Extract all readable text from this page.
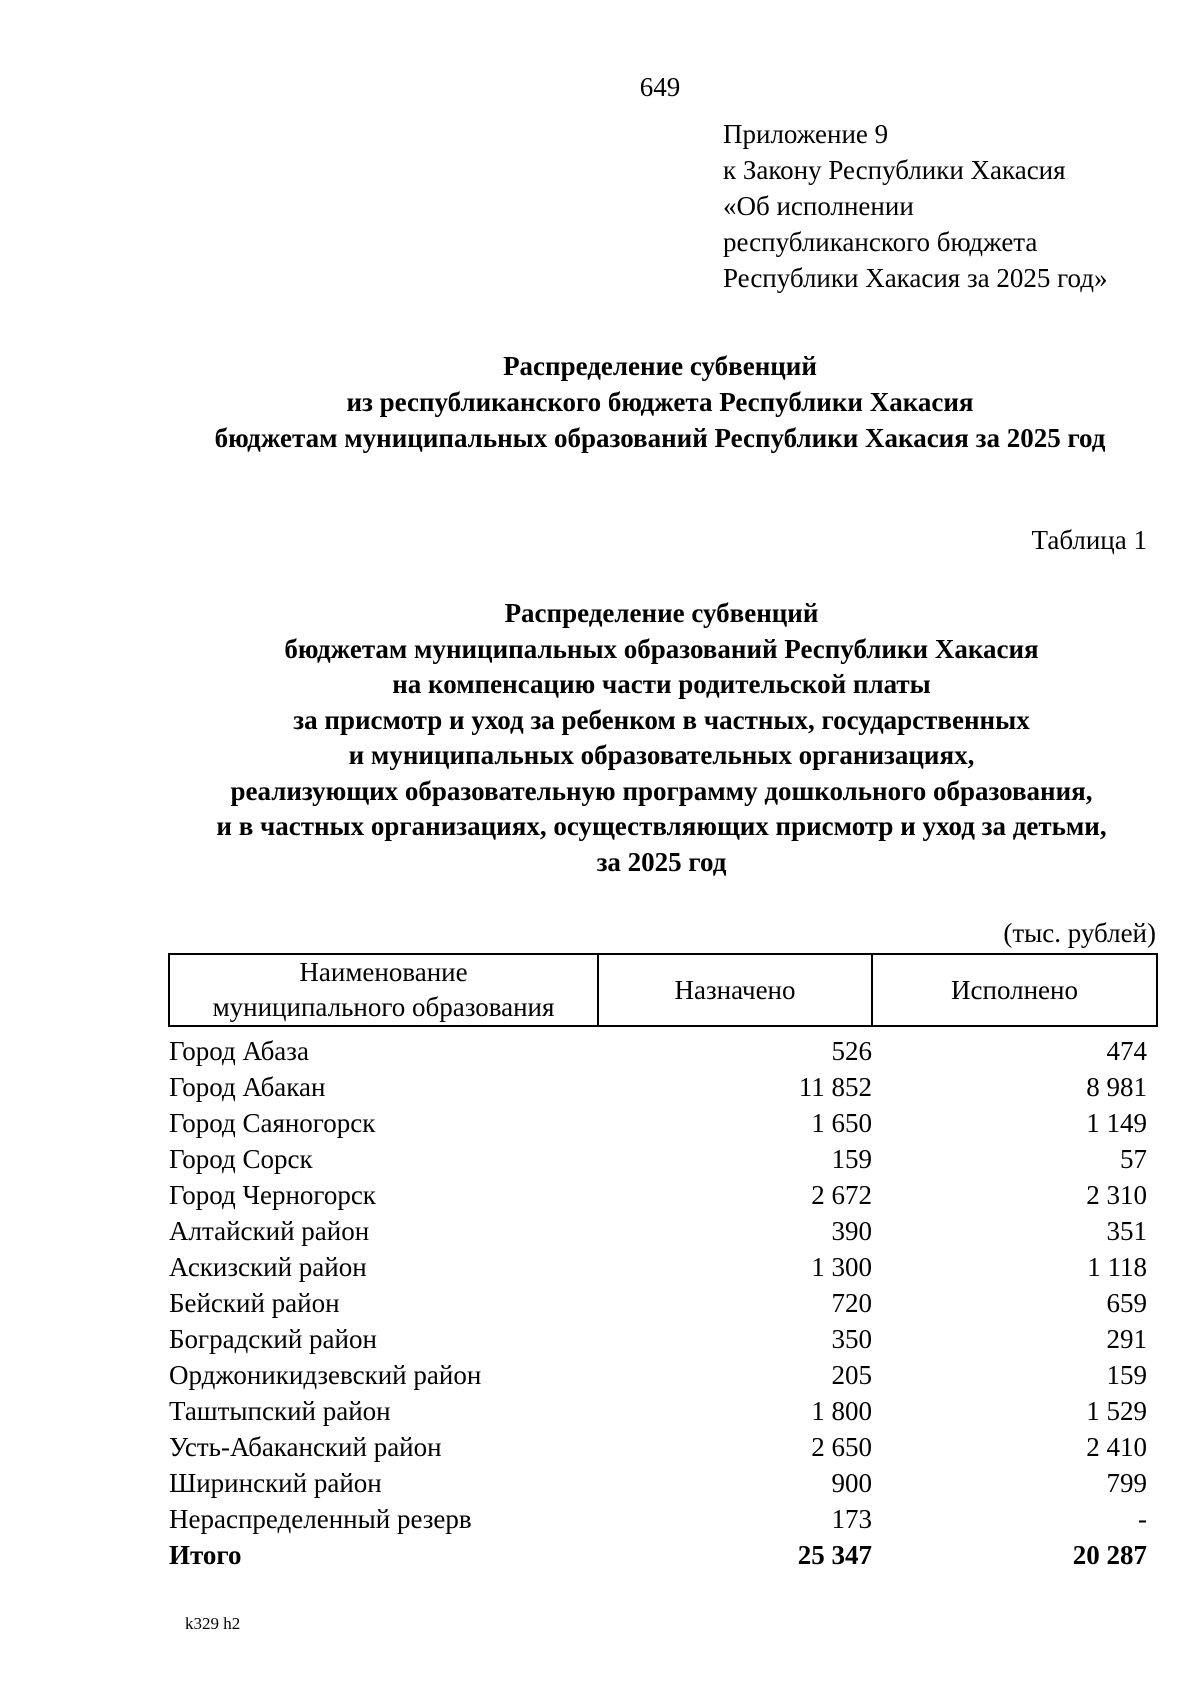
649
Приложение 9
к Закону Республики Хакасия
«Об исполнении
республиканского бюджета
Республики Хакасия за 2025 год»
Распределение субвенций
из республиканского бюджета Республики Хакасия
бюджетам муниципальных образований Республики Хакасия за 2025 год
Таблица 1
Распределение субвенций
бюджетам муниципальных образований Республики Хакасия
на компенсацию части родительской платы
за присмотр и уход за ребенком в частных, государственных
и муниципальных образовательных организациях,
реализующих образовательную программу дошкольного образования,
и в частных организациях, осуществляющих присмотр и уход за детьми,
за 2025 год
(тыс. рублей)
Наименование
муниципального образования	Назначено	Исполнено
Город Абаза	526	474
Город Абакан	11 852	8 981
Город Саяногорск	1 650	1 149
Город Сорск	159	57
Город Черногорск	2 672	2 310
Алтайский район	390	351
Аскизский район	1 300	1 118
Бейский район	720	659
Боградский район	350	291
Орджоникидзевский район	205	159
Таштыпский район	1 800	1 529
Усть-Абаканский район	2 650	2 410
Ширинский район	900	799
Нераспределенный резерв	173	-
Итого	25 347	20 287
k329 h2
